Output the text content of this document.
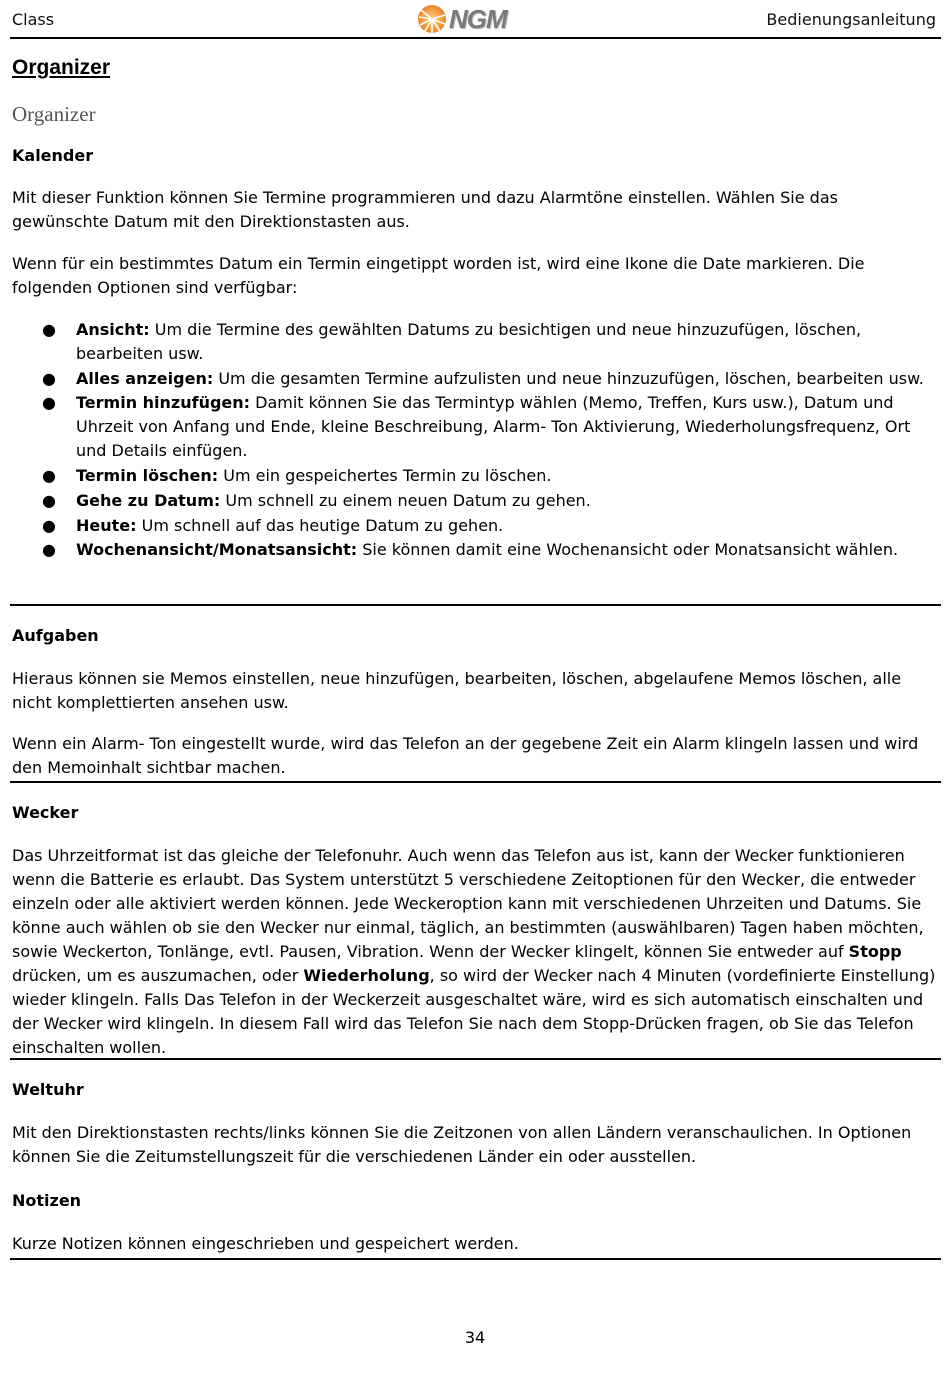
Class	NGM	Bedienungsanleitung
Organizer
Organizer
Kalender

Mit dieser Funktion können Sie Termine programmieren und dazu Alarmtöne einstellen. Wählen Sie das gewünschte Datum mit den Direktionstasten aus.

Wenn für ein bestimmtes Datum ein Termin eingetippt worden ist, wird eine Ikone die Date markieren. Die folgenden Optionen sind verfügbar:

● Ansicht: Um die Termine des gewählten Datums zu besichtigen und neue hinzuzufügen, löschen, bearbeiten usw.

● Alles anzeigen: Um die gesamten Termine aufzulisten und neue hinzuzufügen, löschen, bearbeiten usw.

● Termin hinzufügen: Damit können Sie das Termintyp wählen (Memo, Treffen, Kurs usw.), Datum und Uhrzeit von Anfang und Ende, kleine Beschreibung, Alarm- Ton Aktivierung, Wiederholungsfrequenz, Ort und Details einfügen.

● Termin löschen: Um ein gespeichertes Termin zu löschen.

● Gehe zu Datum: Um schnell zu einem neuen Datum zu gehen.

● Heute: Um schnell auf das heutige Datum zu gehen.

● Wochenansicht/Monatsansicht: Sie können damit eine Wochenansicht oder Monatsansicht wählen.

Aufgaben

Hieraus können sie Memos einstellen, neue hinzufügen, bearbeiten, löschen, abgelaufene Memos löschen, alle nicht komplettierten ansehen usw.

Wenn ein Alarm- Ton eingestellt wurde, wird das Telefon an der gegebene Zeit ein Alarm klingeln lassen und wird den Memoinhalt sichtbar machen.

Wecker

Das Uhrzeitformat ist das gleiche der Telefonuhr. Auch wenn das Telefon aus ist, kann der Wecker funktionieren wenn die Batterie es erlaubt. Das System unterstützt 5 verschiedene Zeitoptionen für den Wecker, die entweder einzeln oder alle aktiviert werden können. Jede Weckeroption kann mit verschiedenen Uhrzeiten und Datums. Sie könne auch wählen ob sie den Wecker nur einmal, täglich, an bestimmten (auswählbaren) Tagen haben möchten, sowie Weckerton, Tonlänge, evtl. Pausen, Vibration. Wenn der Wecker klingelt, können Sie entweder auf Stopp drücken, um es auszumachen, oder Wiederholung, so wird der Wecker nach 4 Minuten (vordefinierte Einstellung) wieder klingeln. Falls Das Telefon in der Weckerzeit ausgeschaltet wäre, wird es sich automatisch einschalten und der Wecker wird klingeln. In diesem Fall wird das Telefon Sie nach dem Stopp-Drücken fragen, ob Sie das Telefon einschalten wollen.

Weltuhr

Mit den Direktionstasten rechts/links können Sie die Zeitzonen von allen Ländern veranschaulichen. In Optionen können Sie die Zeitumstellungszeit für die verschiedenen Länder ein oder ausstellen.

Notizen

Kurze Notizen können eingeschrieben und gespeichert werden.

34
